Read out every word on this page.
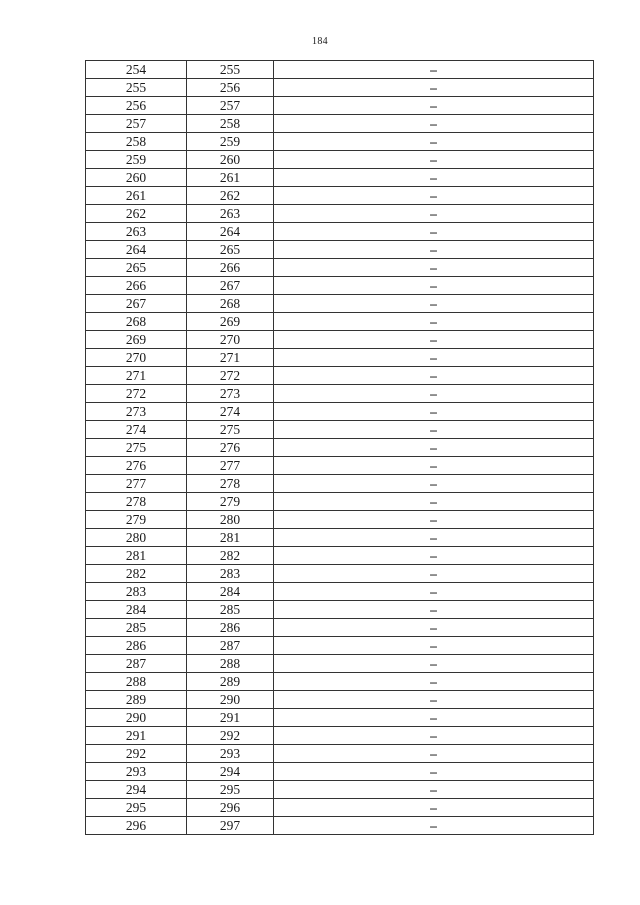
184
254	255	–
255	256	–
256	257	–
257	258	–
258	259	–
259	260	–
260	261	–
261	262	–
262	263	–
263	264	–
264	265	–
265	266	–
266	267	–
267	268	–
268	269	–
269	270	–
270	271	–
271	272	–
272	273	–
273	274	–
274	275	–
275	276	–
276	277	–
277	278	–
278	279	–
279	280	–
280	281	–
281	282	–
282	283	–
283	284	–
284	285	–
285	286	–
286	287	–
287	288	–
288	289	–
289	290	–
290	291	–
291	292	–
292	293	–
293	294	–
294	295	–
295	296	–
296	297	–
